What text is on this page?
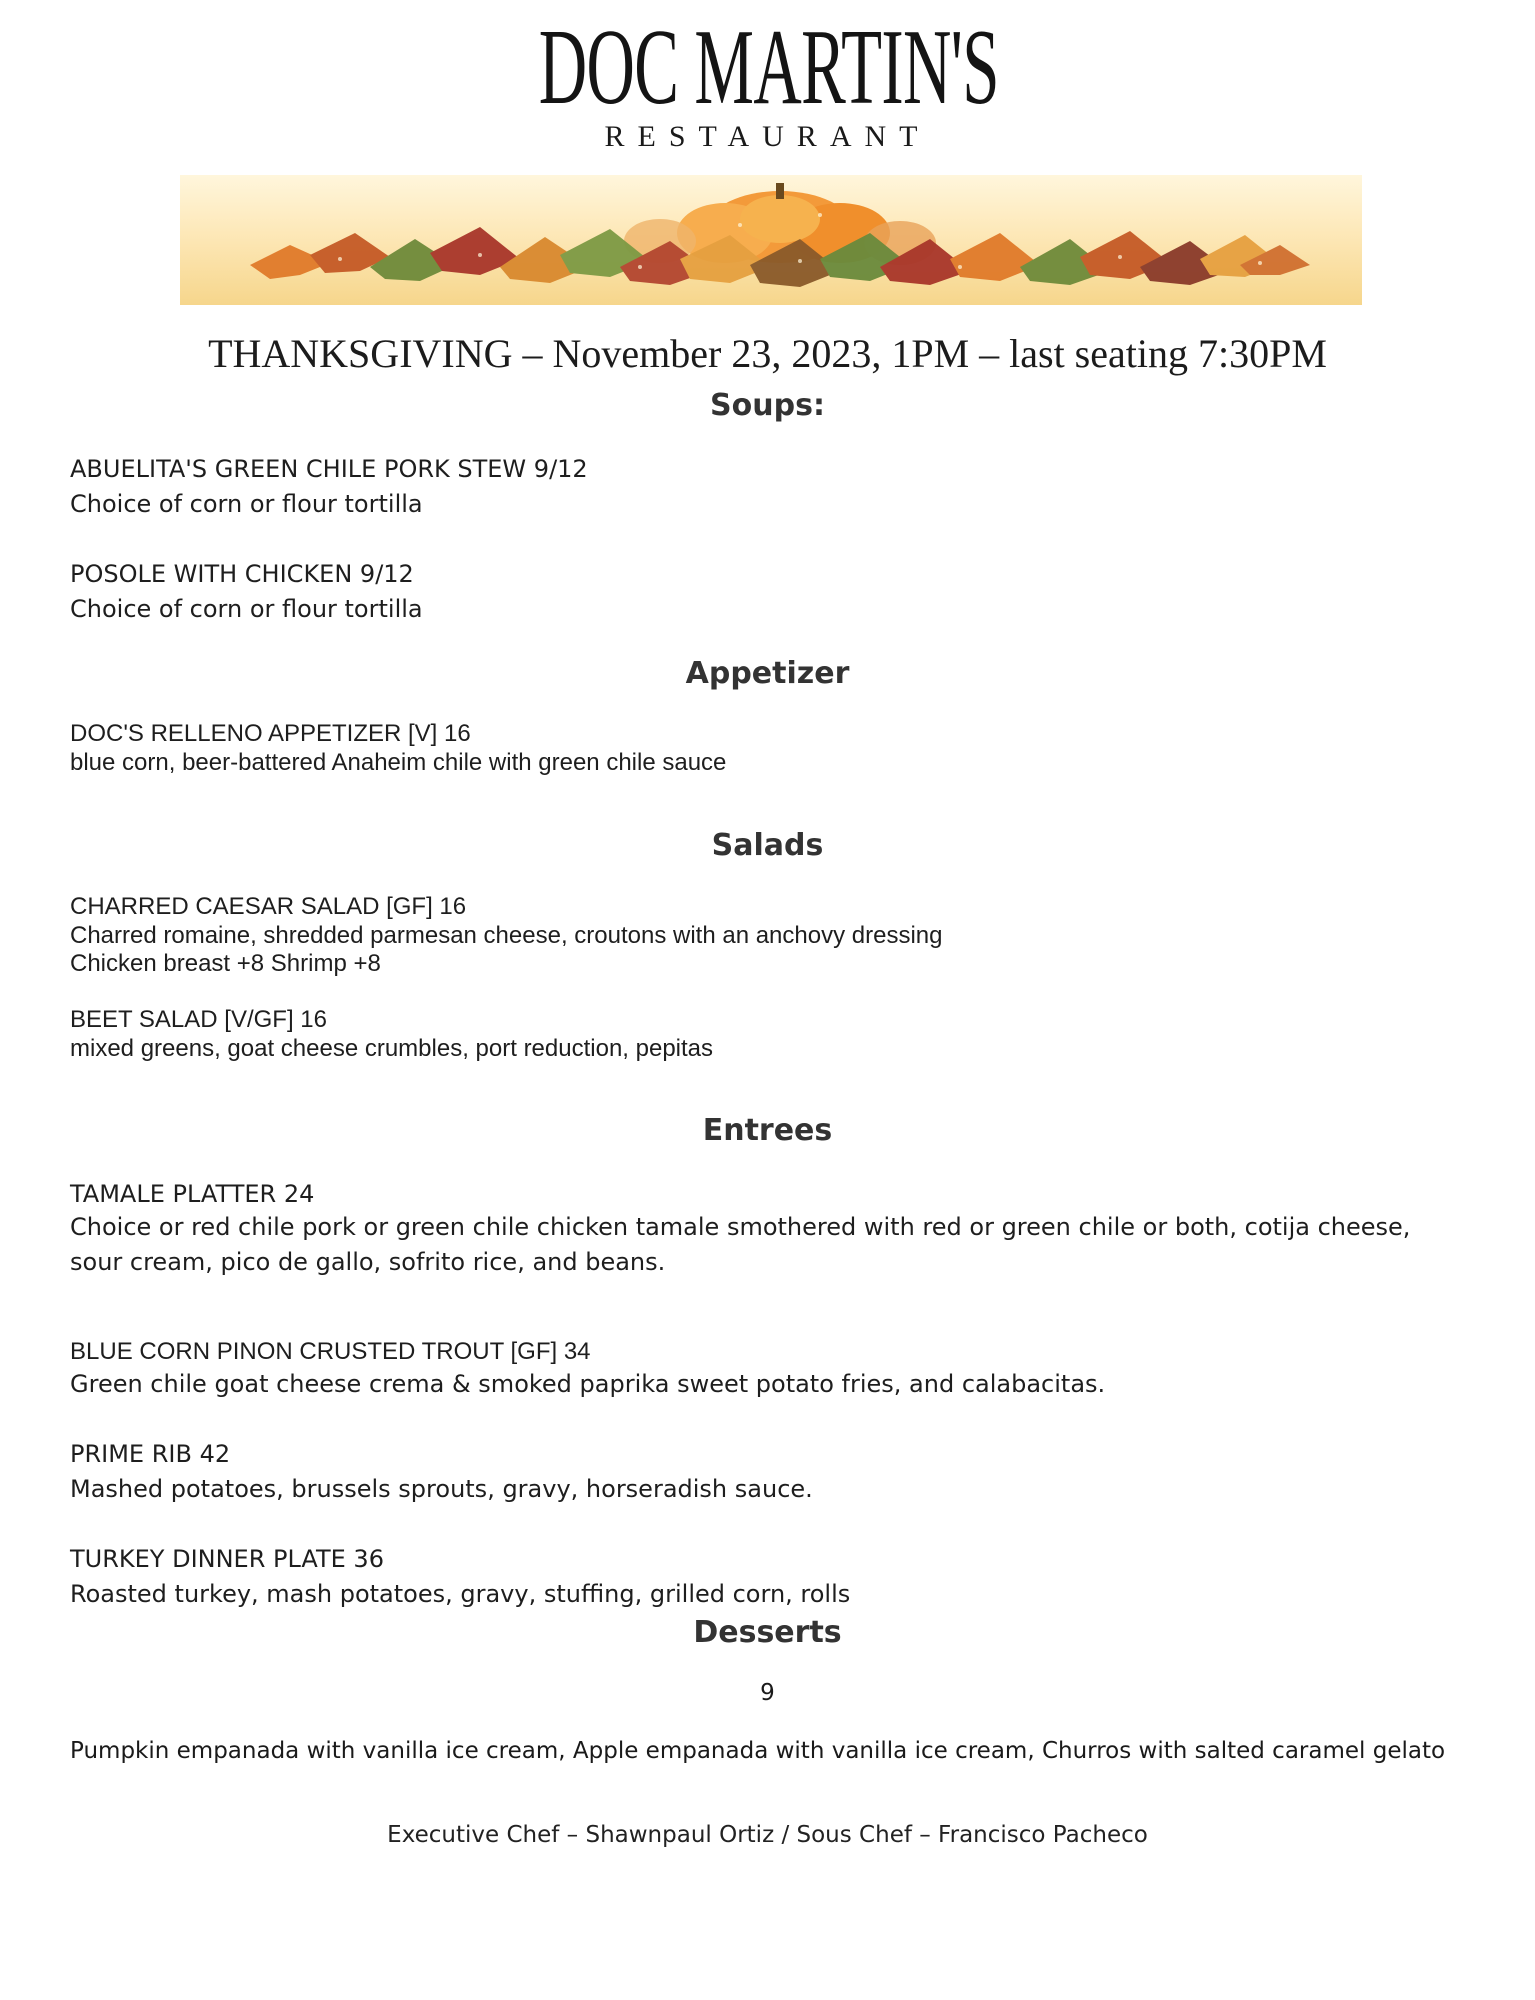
DOC MARTIN'S
RESTAURANT
THANKSGIVING – November 23, 2023, 1PM – last seating 7:30PM
Soups:
ABUELITA'S GREEN CHILE PORK STEW 9/12
Choice of corn or flour tortilla
POSOLE WITH CHICKEN 9/12
Choice of corn or flour tortilla
Appetizer
DOC'S RELLENO APPETIZER [V] 16
blue corn, beer-battered Anaheim chile with green chile sauce
Salads
CHARRED CAESAR SALAD [GF] 16
Charred romaine, shredded parmesan cheese, croutons with an anchovy dressing
Chicken breast +8 Shrimp +8
BEET SALAD [V/GF] 16
mixed greens, goat cheese crumbles, port reduction, pepitas
Entrees
TAMALE PLATTER 24
Choice or red chile pork or green chile chicken tamale smothered with red or green chile or both, cotija cheese, sour cream, pico de gallo, sofrito rice, and beans.
BLUE CORN PINON CRUSTED TROUT [GF] 34
Green chile goat cheese crema & smoked paprika sweet potato fries, and calabacitas.
PRIME RIB 42
Mashed potatoes, brussels sprouts, gravy, horseradish sauce.
TURKEY DINNER PLATE 36
Roasted turkey, mash potatoes, gravy, stuffing, grilled corn, rolls
Desserts
9
Pumpkin empanada with vanilla ice cream, Apple empanada with vanilla ice cream, Churros with salted caramel gelato
Executive Chef – Shawnpaul Ortiz / Sous Chef – Francisco Pacheco
